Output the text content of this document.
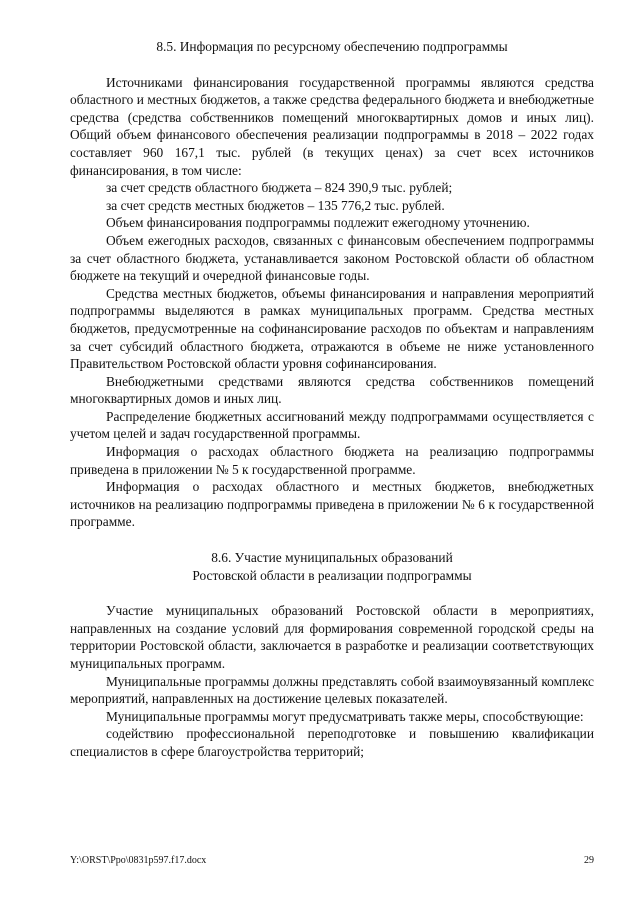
8.5. Информация по ресурсному обеспечению подпрограммы

Источниками финансирования государственной программы являются средства областного и местных бюджетов, а также средства федерального бюджета и внебюджетные средства (средства собственников помещений многоквартирных домов и иных лиц). Общий объем финансового обеспечения реализации подпрограммы в 2018 – 2022 годах составляет 960 167,1 тыс. рублей (в текущих ценах) за счет всех источников финансирования, в том числе:

за счет средств областного бюджета – 824 390,9 тыс. рублей;

за счет средств местных бюджетов – 135 776,2 тыс. рублей.

Объем финансирования подпрограммы подлежит ежегодному уточнению.

Объем ежегодных расходов, связанных с финансовым обеспечением подпрограммы за счет областного бюджета, устанавливается законом Ростовской области об областном бюджете на текущий и очередной финансовые годы.

Средства местных бюджетов, объемы финансирования и направления мероприятий подпрограммы выделяются в рамках муниципальных программ. Средства местных бюджетов, предусмотренные на софинансирование расходов по объектам и направлениям за счет субсидий областного бюджета, отражаются в объеме не ниже установленного Правительством Ростовской области уровня софинансирования.

Внебюджетными средствами являются средства собственников помещений многоквартирных домов и иных лиц.

Распределение бюджетных ассигнований между подпрограммами осуществляется с учетом целей и задач государственной программы.

Информация о расходах областного бюджета на реализацию подпрограммы приведена в приложении № 5 к государственной программе.

Информация о расходах областного и местных бюджетов, внебюджетных источников на реализацию подпрограммы приведена в приложении № 6 к государственной программе.

8.6. Участие муниципальных образований
Ростовской области в реализации подпрограммы

Участие муниципальных образований Ростовской области в мероприятиях, направленных на создание условий для формирования современной городской среды на территории Ростовской области, заключается в разработке и реализации соответствующих муниципальных программ.

Муниципальные программы должны представлять собой взаимоувязанный комплекс мероприятий, направленных на достижение целевых показателей.

Муниципальные программы могут предусматривать также меры, способствующие:

содействию профессиональной переподготовке и повышению квалификации специалистов в сфере благоустройства территорий;

Y:\ORST\Ppo\0831p597.f17.docx	29
